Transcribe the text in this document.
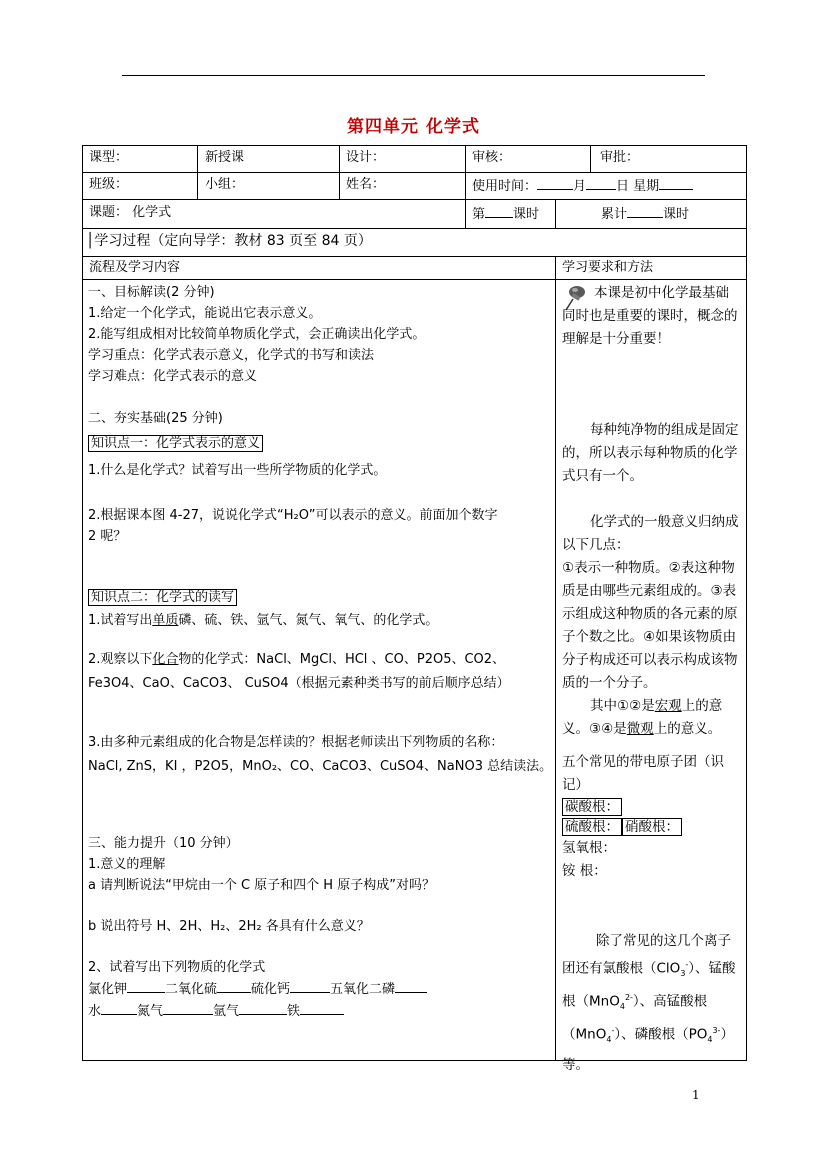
第四单元 化学式
课型：	新授课	设计：	审核：	审批：
班级：	小组：	姓名：	使用时间：	月 日 星期
课题： 化学式	第 课时	累计	课时
│学习过程（定向导学：教材 83 页至 84 页）
流程及学习内容	学习要求和方法

一、目标解读(2 分钟)

1.给定一个化学式，能说出它表示意义。

2.能写组成相对比较简单物质化学式，会正确读出化学式。

学习重点：化学式表示意义，化学式的书写和读法

学习难点：化学式表示的意义

二、夯实基础(25 分钟)

知识点一：化学式表示的意义

1.什么是化学式？试着写出一些所学物质的化学式。

2.根据课本图 4-27，说说化学式“H₂O”可以表示的意义。前面加个数字

2 呢？

知识点二：化学式的读写

1.试着写出单质磷、硫、铁、氩气、氮气、氧气、的化学式。

2.观察以下化合物的化学式：NaCl、MgCl、HCl 、CO、P2O5、CO2、

Fe3O4、CaO、CaCO3、 CuSO4（根据元素种类书写的前后顺序总结）

3.由多种元素组成的化合物是怎样读的？根据老师读出下列物质的名称：

NaCl, ZnS，KI ，P2O5，MnO₂、CO、CaCO3、CuSO4、NaNO3 总结读法。

三、能力提升（10 分钟）

1.意义的理解

a 请判断说法“甲烷由一个 C 原子和四个 H 原子构成”对吗？

b 说出符号 H、2H、H₂、2H₂ 各具有什么意义？

2、试着写出下列物质的化学式

氯化钾	二氧化硫	硫化钙	五氧化二磷

水	氮气	氩气	铁

本课是初中化学最基础同时也是重要的课时，概念的理解是十分重要！

每种纯净物的组成是固定的，所以表示每种物质的化学式只有一个。

化学式的一般意义归纳成以下几点：

①表示一种物质。②表这种物质是由哪些元素组成的。③表示组成这种物质的各元素的原子个数之比。④如果该物质由分子构成还可以表示构成该物质的一个分子。

其中①②是宏观上的意义。③④是微观上的意义。

五个常见的带电原子团（识记）

碳酸根：

硫酸根： 硝酸根：

氢氧根：

铵 根：

除了常见的这几个离子团还有氯酸根（ClO$_3$-）、锰酸根（MnO$_4^{2-}$）、高锰酸根（MnO$_4$-）、磷酸根$(PO_4^{3-})$等。

1
